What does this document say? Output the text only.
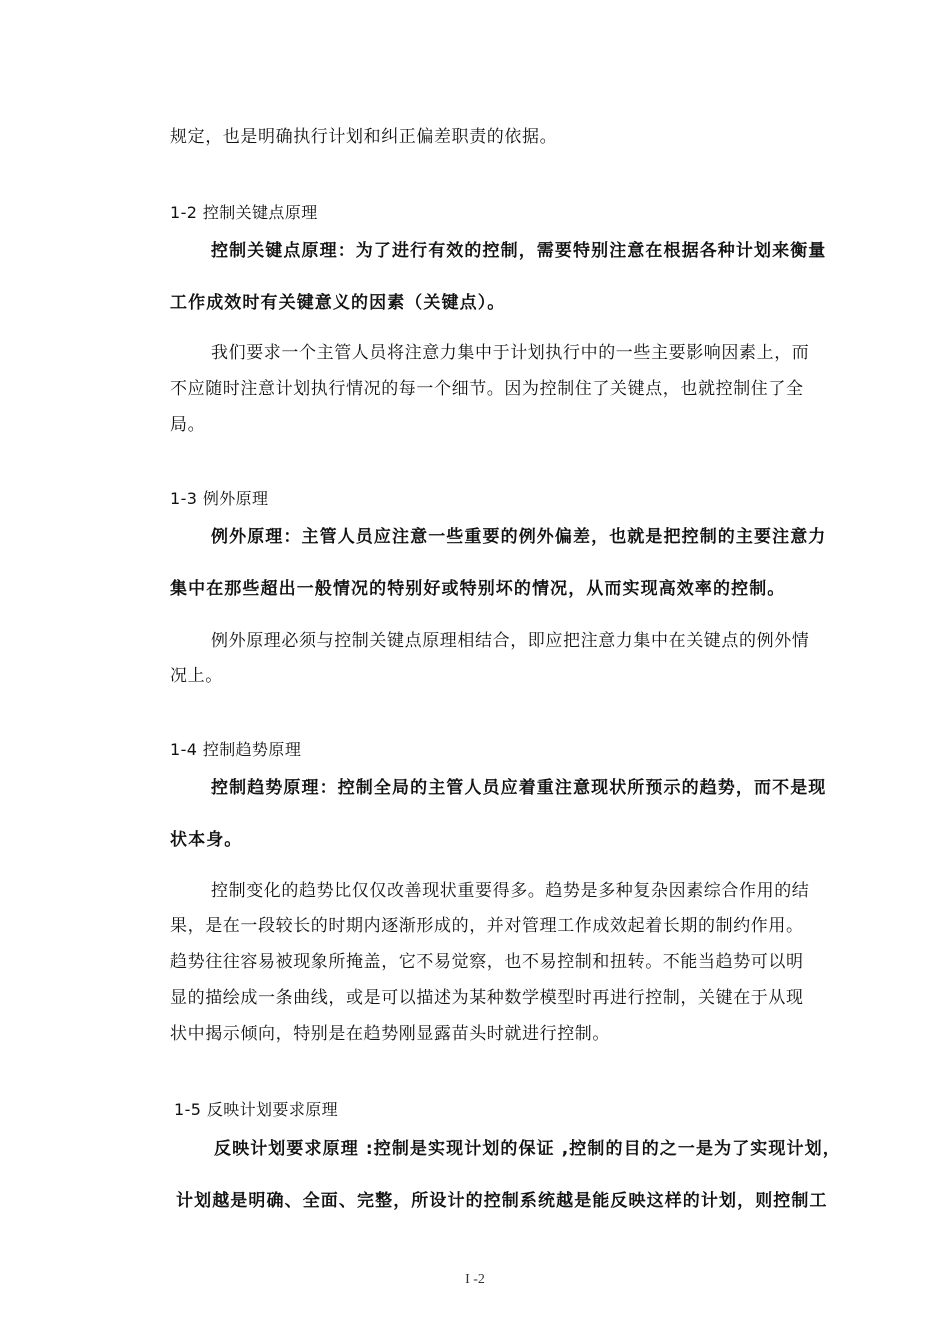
规定，也是明确执行计划和纠正偏差职责的依据。
1-2 控制关键点原理
控制关键点原理：为了进行有效的控制，需要特别注意在根据各种计划来衡量
工作成效时有关键意义的因素（关键点）。
我们要求一个主管人员将注意力集中于计划执行中的一些主要影响因素上，而
不应随时注意计划执行情况的每一个细节。因为控制住了关键点，也就控制住了全
局。
1-3 例外原理
例外原理：主管人员应注意一些重要的例外偏差，也就是把控制的主要注意力
集中在那些超出一般情况的特别好或特别坏的情况，从而实现高效率的控制。
例外原理必须与控制关键点原理相结合，即应把注意力集中在关键点的例外情
况上。
1-4 控制趋势原理
控制趋势原理：控制全局的主管人员应着重注意现状所预示的趋势，而不是现
状本身。
控制变化的趋势比仅仅改善现状重要得多。趋势是多种复杂因素综合作用的结
果，是在一段较长的时期内逐渐形成的，并对管理工作成效起着长期的制约作用。
趋势往往容易被现象所掩盖，它不易觉察，也不易控制和扭转。不能当趋势可以明
显的描绘成一条曲线，或是可以描述为某种数学模型时再进行控制，关键在于从现
状中揭示倾向，特别是在趋势刚显露苗头时就进行控制。
1-5 反映计划要求原理
反映计划要求原理 :控制是实现计划的保证 ,控制的目的之一是为了实现计划，
计划越是明确、全面、完整，所设计的控制系统越是能反映这样的计划，则控制工
I -2
